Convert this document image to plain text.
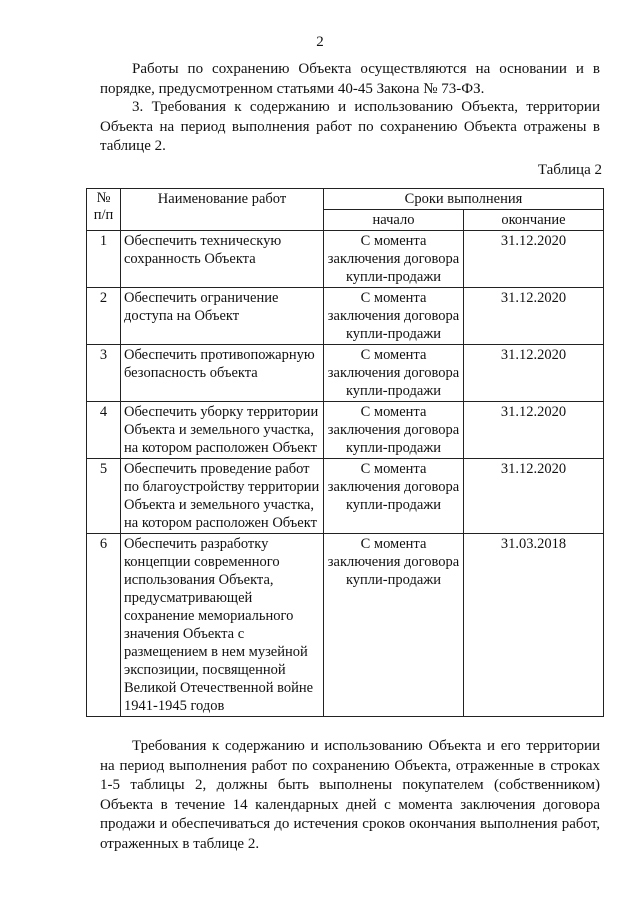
2

Работы по сохранению Объекта осуществляются на основании и в порядке, предусмотренном статьями 40-45 Закона № 73-ФЗ.

3. Требования к содержанию и использованию Объекта, территории Объекта на период выполнения работ по сохранению Объекта отражены в таблице 2.

Таблица 2
№
п/п	Наименование работ	Сроки выполнения	
		начало	окончание
1	Обеспечить техническую сохранность Объекта	С момента заключения договора купли-продажи	31.12.2020
2	Обеспечить ограничение доступа на Объект	С момента заключения договора купли-продажи	31.12.2020
3	Обеспечить противопожарную безопасность объекта	С момента заключения договора купли-продажи	31.12.2020
4	Обеспечить уборку территории Объекта и земельного участка, на котором расположен Объект	С момента заключения договора купли-продажи	31.12.2020
5	Обеспечить проведение работ по благоустройству территории Объекта и земельного участка, на котором расположен Объект	С момента заключения договора купли-продажи	31.12.2020
6	Обеспечить разработку концепции современного использования Объекта, предусматривающей сохранение мемориального значения Объекта с размещением в нем музейной экспозиции, посвященной Великой Отечественной войне 1941-1945 годов	С момента заключения договора купли-продажи	31.03.2018

Требования к содержанию и использованию Объекта и его территории на период выполнения работ по сохранению Объекта, отраженные в строках 1-5 таблицы 2, должны быть выполнены покупателем (собственником) Объекта в течение 14 календарных дней с момента заключения договора продажи и обеспечиваться до истечения сроков окончания выполнения работ, отраженных в таблице 2.
